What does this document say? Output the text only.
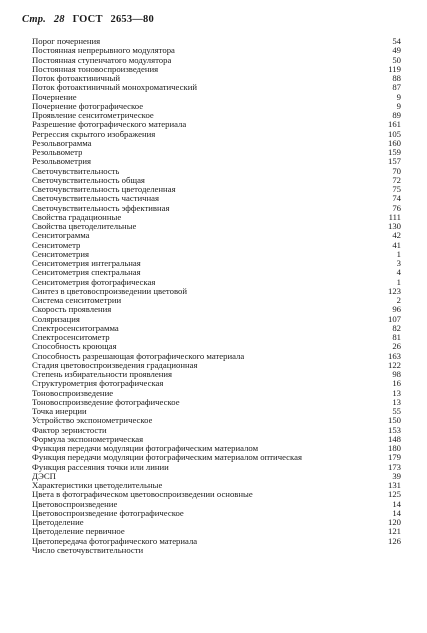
Стр. 28 ГОСТ 2653—80
Порог почернения	54
Постоянная непрерывного модулятора	49
Постоянная ступенчатого модулятора	50
Постоянная тоновоспроизведения	119
Поток фотоактиничный	88
Поток фотоактиничный монохроматический	87
Почернение	9
Почернение фотографическое	9
Проявление сенситометрическое	89
Разрешение фотографического материала	161
Регрессия скрытого изображения	105
Резольвограмма	160
Резольвометр	159
Резольвометрия	157
Светочувствительность	70
Светочувствительность общая	72
Светочувствительность цветоделенная	75
Светочувствительность частичная	74
Светочувствительность эффективная	76
Свойства градационные	111
Свойства цветоделительные	130
Сенситограмма	42
Сенситометр	41
Сенситометрия	1
Сенситометрия интегральная	3
Сенситометрия спектральная	4
Сенситометрия фотографическая	1
Синтез в цветовоспроизведении цветовой	123
Система сенситометрии	2
Скорость проявления	96
Соляризация	107
Спектросенситограмма	82
Спектросенситометр	81
Способность кроющая	26
Способность разрешающая фотографического материала	163
Стадия цветовоспроизведения градационная	122
Степень избирательности проявления	98
Структурометрия фотографическая	16
Тоновоспроизведение	13
Тоновоспроизведение фотографическое	13
Точка инерции	55
Устройство экспонометрическое	150
Фактор зернистости	153
Формула экспонометрическая	148
Функция передачи модуляции фотографическим материалом	180
Функция передачи модуляции фотографическим материалом оптическая	179
Функция рассеяния точки или линии	173
ДЭСП	39
Характеристики цветоделительные	131
Цвета в фотографическом цветовоспроизведении основные	125
Цветовоспроизведение	14
Цветовоспроизведение фотографическое	14
Цветоделение	120
Цветоделение первичное	121
Цветопередача фотографического материала	126
Число светочувствительности
